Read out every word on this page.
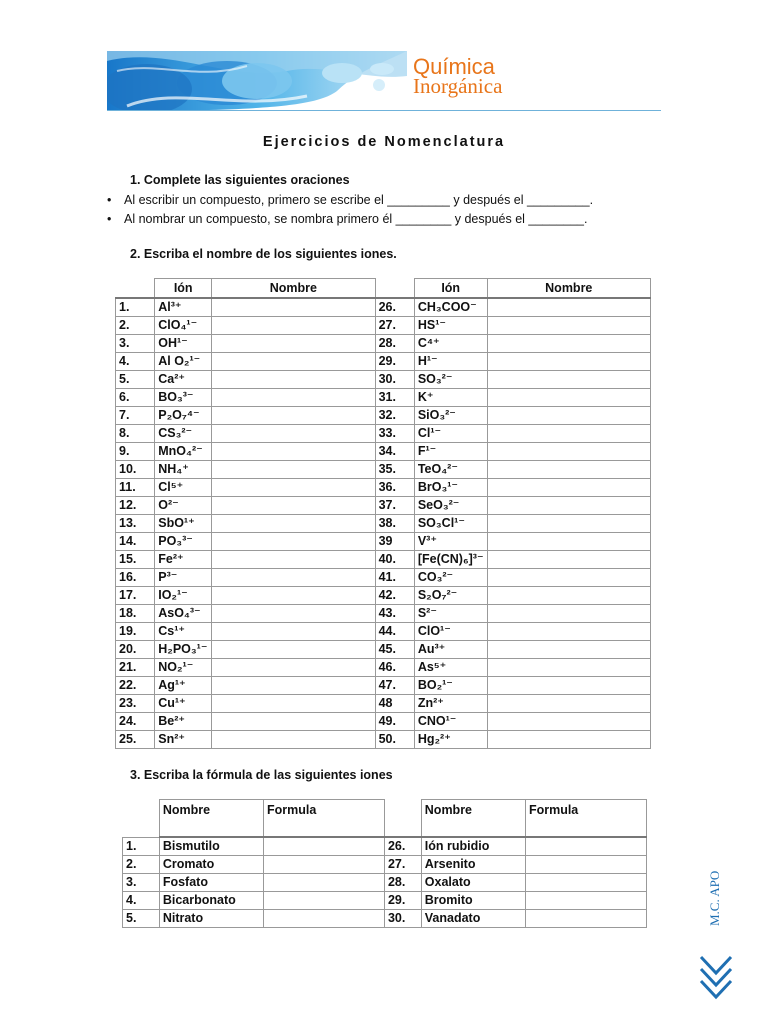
Química
Inorgánica
Ejercicios de Nomenclatura
1. Complete las siguientes oraciones
• Al escribir un compuesto, primero se escribe el _________ y después el _________.
• Al nombrar un compuesto, se nombra primero él ________ y después el ________.
2. Escriba el nombre de los siguientes iones.
	Ión	Nombre		Ión	Nombre
1.	Al³⁺		26.	CH₃COO⁻	
2.	ClO₄¹⁻		27.	HS¹⁻	
3.	OH¹⁻		28.	C⁴⁺	
4.	Al O₂¹⁻		29.	H¹⁻	
5.	Ca²⁺		30.	SO₃²⁻	
6.	BO₃³⁻		31.	K⁺	
7.	P₂O₇⁴⁻		32.	SiO₃²⁻	
8.	CS₃²⁻		33.	Cl¹⁻	
9.	MnO₄²⁻		34.	F¹⁻	
10.	NH₄⁺		35.	TeO₄²⁻	
11.	Cl⁵⁺		36.	BrO₃¹⁻	
12.	O²⁻		37.	SeO₃²⁻	
13.	SbO¹⁺		38.	SO₃Cl¹⁻	
14.	PO₃³⁻		39	V³⁺	
15.	Fe²⁺		40.	[Fe(CN)₆]³⁻	
16.	P³⁻		41.	CO₃²⁻	
17.	IO₂¹⁻		42.	S₂O₇²⁻	
18.	AsO₄³⁻		43.	S²⁻	
19.	Cs¹⁺		44.	ClO¹⁻	
20.	H₂PO₃¹⁻		45.	Au³⁺	
21.	NO₂¹⁻		46.	As⁵⁺	
22.	Ag¹⁺		47.	BO₂¹⁻	
23.	Cu¹⁺		48	Zn²⁺	
24.	Be²⁺		49.	CNO¹⁻	
25.	Sn²⁺		50.	Hg₂²⁺	
3. Escriba la fórmula de las siguientes iones
	Nombre	Formula		Nombre	Formula
1.	Bismutilo		26.	Ión rubidio	
2.	Cromato		27.	Arsenito	
3.	Fosfato		28.	Oxalato	
4.	Bicarbonato		29.	Bromito	
5.	Nitrato		30.	Vanadato		M.C. APO
